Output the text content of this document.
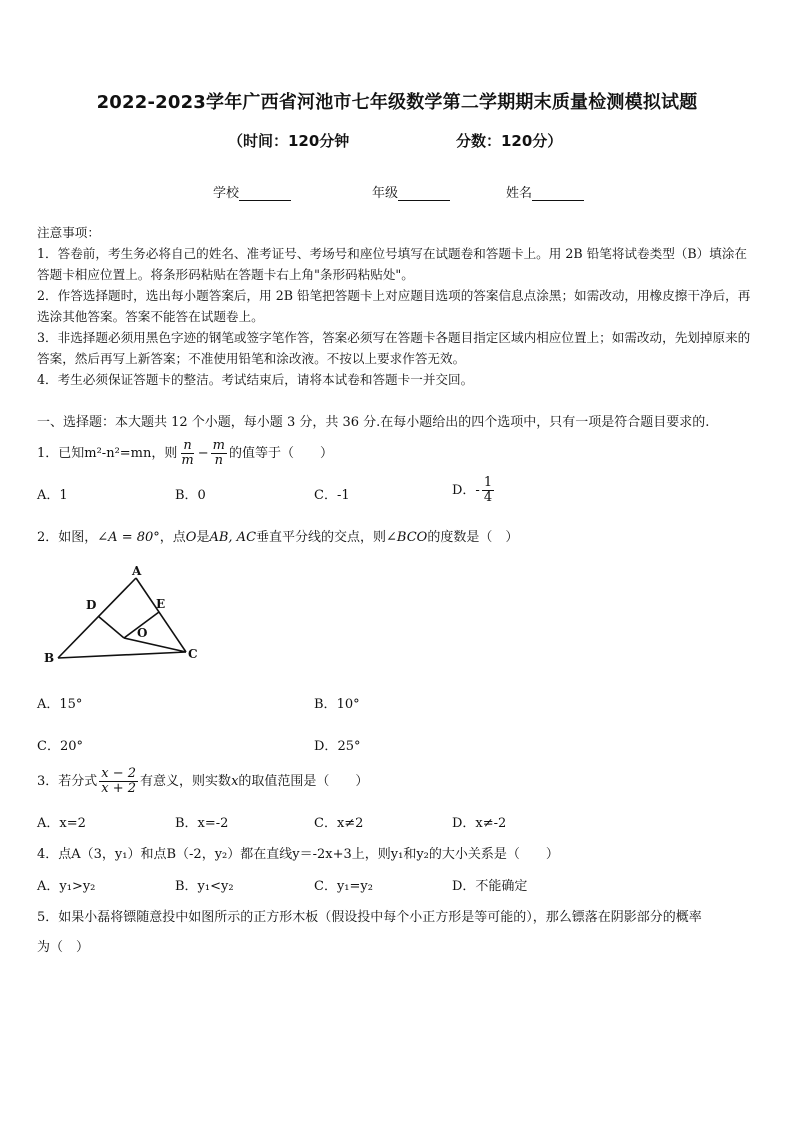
2022-2023学年广西省河池市七年级数学第二学期期末质量检测模拟试题
（时间：120分钟	分数：120分）
学校	年级	姓名
注意事项：
1．答卷前，考生务必将自己的姓名、准考证号、考场号和座位号填写在试题卷和答题卡上。用 2B 铅笔将试卷类型（B）填涂在答题卡相应位置上。将条形码粘贴在答题卡右上角"条形码粘贴处"。
2．作答选择题时，选出每小题答案后，用 2B 铅笔把答题卡上对应题目选项的答案信息点涂黑；如需改动，用橡皮擦干净后，再选涂其他答案。答案不能答在试题卷上。
3．非选择题必须用黑色字迹的钢笔或签字笔作答，答案必须写在答题卡各题目指定区域内相应位置上；如需改动，先划掉原来的答案，然后再写上新答案；不准使用铅笔和涂改液。不按以上要求作答无效。
4．考生必须保证答题卡的整洁。考试结束后，请将本试卷和答题卡一并交回。
一、选择题：本大题共 12 个小题，每小题 3 分，共 36 分.在每小题给出的四个选项中，只有一项是符合题目要求的.
1．已知m²-n²=mn，则 $\frac{n}{m} - \frac{m}{n}$ 的值等于（　　）
A．1	B．0	C．-1	D．- $\frac{1}{4}$
2．如图，∠A = 80°，点O是AB, AC垂直平分线的交点，则∠BCO的度数是（　）
A
B	C
D	E
O
A．15°	B．10°
C．20°	D．25°
3．若分式 $\frac{x - 2}{x + 2}$ 有意义，则实数x的取值范围是（　　）
A．x=2	B．x=-2	C．x≠2	D．x≠-2
4．点A（3，y₁）和点B（-2，y₂）都在直线y＝-2x+3上，则y₁和y₂的大小关系是（　　）
A．y₁>y₂	B．y₁<y₂	C．y₁=y₂	D．不能确定
5．如果小磊将镖随意投中如图所示的正方形木板（假设投中每个小正方形是等可能的），那么镖落在阴影部分的概率
为（　）
